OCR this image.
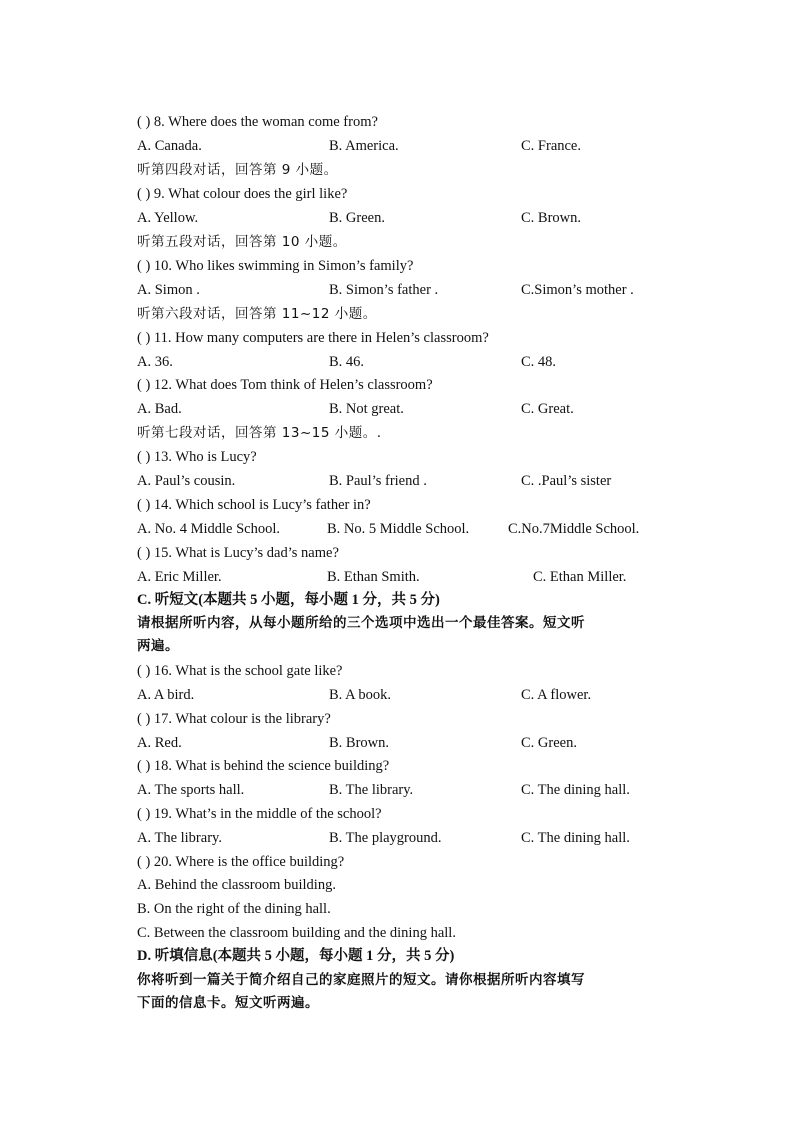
( ) 8. Where does the woman come from?
A. Canada.	B. America.	C. France.
听第四段对话，回答第 9 小题。
( ) 9. What colour does the girl like?
A. Yellow.	B. Green.	C. Brown.
听第五段对话，回答第 10 小题。
( ) 10. Who likes swimming in Simon’s family?
A. Simon .	B. Simon’s father .	C.Simon’s mother .
听第六段对话，回答第 11~12 小题。
( ) 11. How many computers are there in Helen’s classroom?
A. 36.	B. 46.	C. 48.
( ) 12. What does Tom think of Helen’s classroom?
A. Bad.	B. Not great.	C. Great.
听第七段对话，回答第 13~15 小题。.
( ) 13. Who is Lucy?
A. Paul’s cousin.	B. Paul’s friend .	C. .Paul’s sister
( ) 14. Which school is Lucy’s father in?
A. No. 4 Middle School.	B. No. 5 Middle School.	C.No.7Middle School.
( ) 15. What is Lucy’s dad’s name?
A. Eric Miller.	B. Ethan Smith.	C. Ethan Miller.
C. 听短文(本题共 5 小题，每小题 1 分，共 5 分)
请根据所听内容，从每小题所给的三个选项中选出一个最佳答案。短文听
两遍。
( ) 16. What is the school gate like?
A. A bird.	B. A book.	C. A flower.
( ) 17. What colour is the library?
A. Red.	B. Brown.	C. Green.
( ) 18. What is behind the science building?
A. The sports hall.	B. The library.	C. The dining hall.
( ) 19. What’s in the middle of the school?
A. The library.	B. The playground.	C. The dining hall.
( ) 20. Where is the office building?
A. Behind the classroom building.
B. On the right of the dining hall.
C. Between the classroom building and the dining hall.
D. 听填信息(本题共 5 小题，每小题 1 分，共 5 分)
你将听到一篇关于简介绍自己的家庭照片的短文。请你根据所听内容填写
下面的信息卡。短文听两遍。
